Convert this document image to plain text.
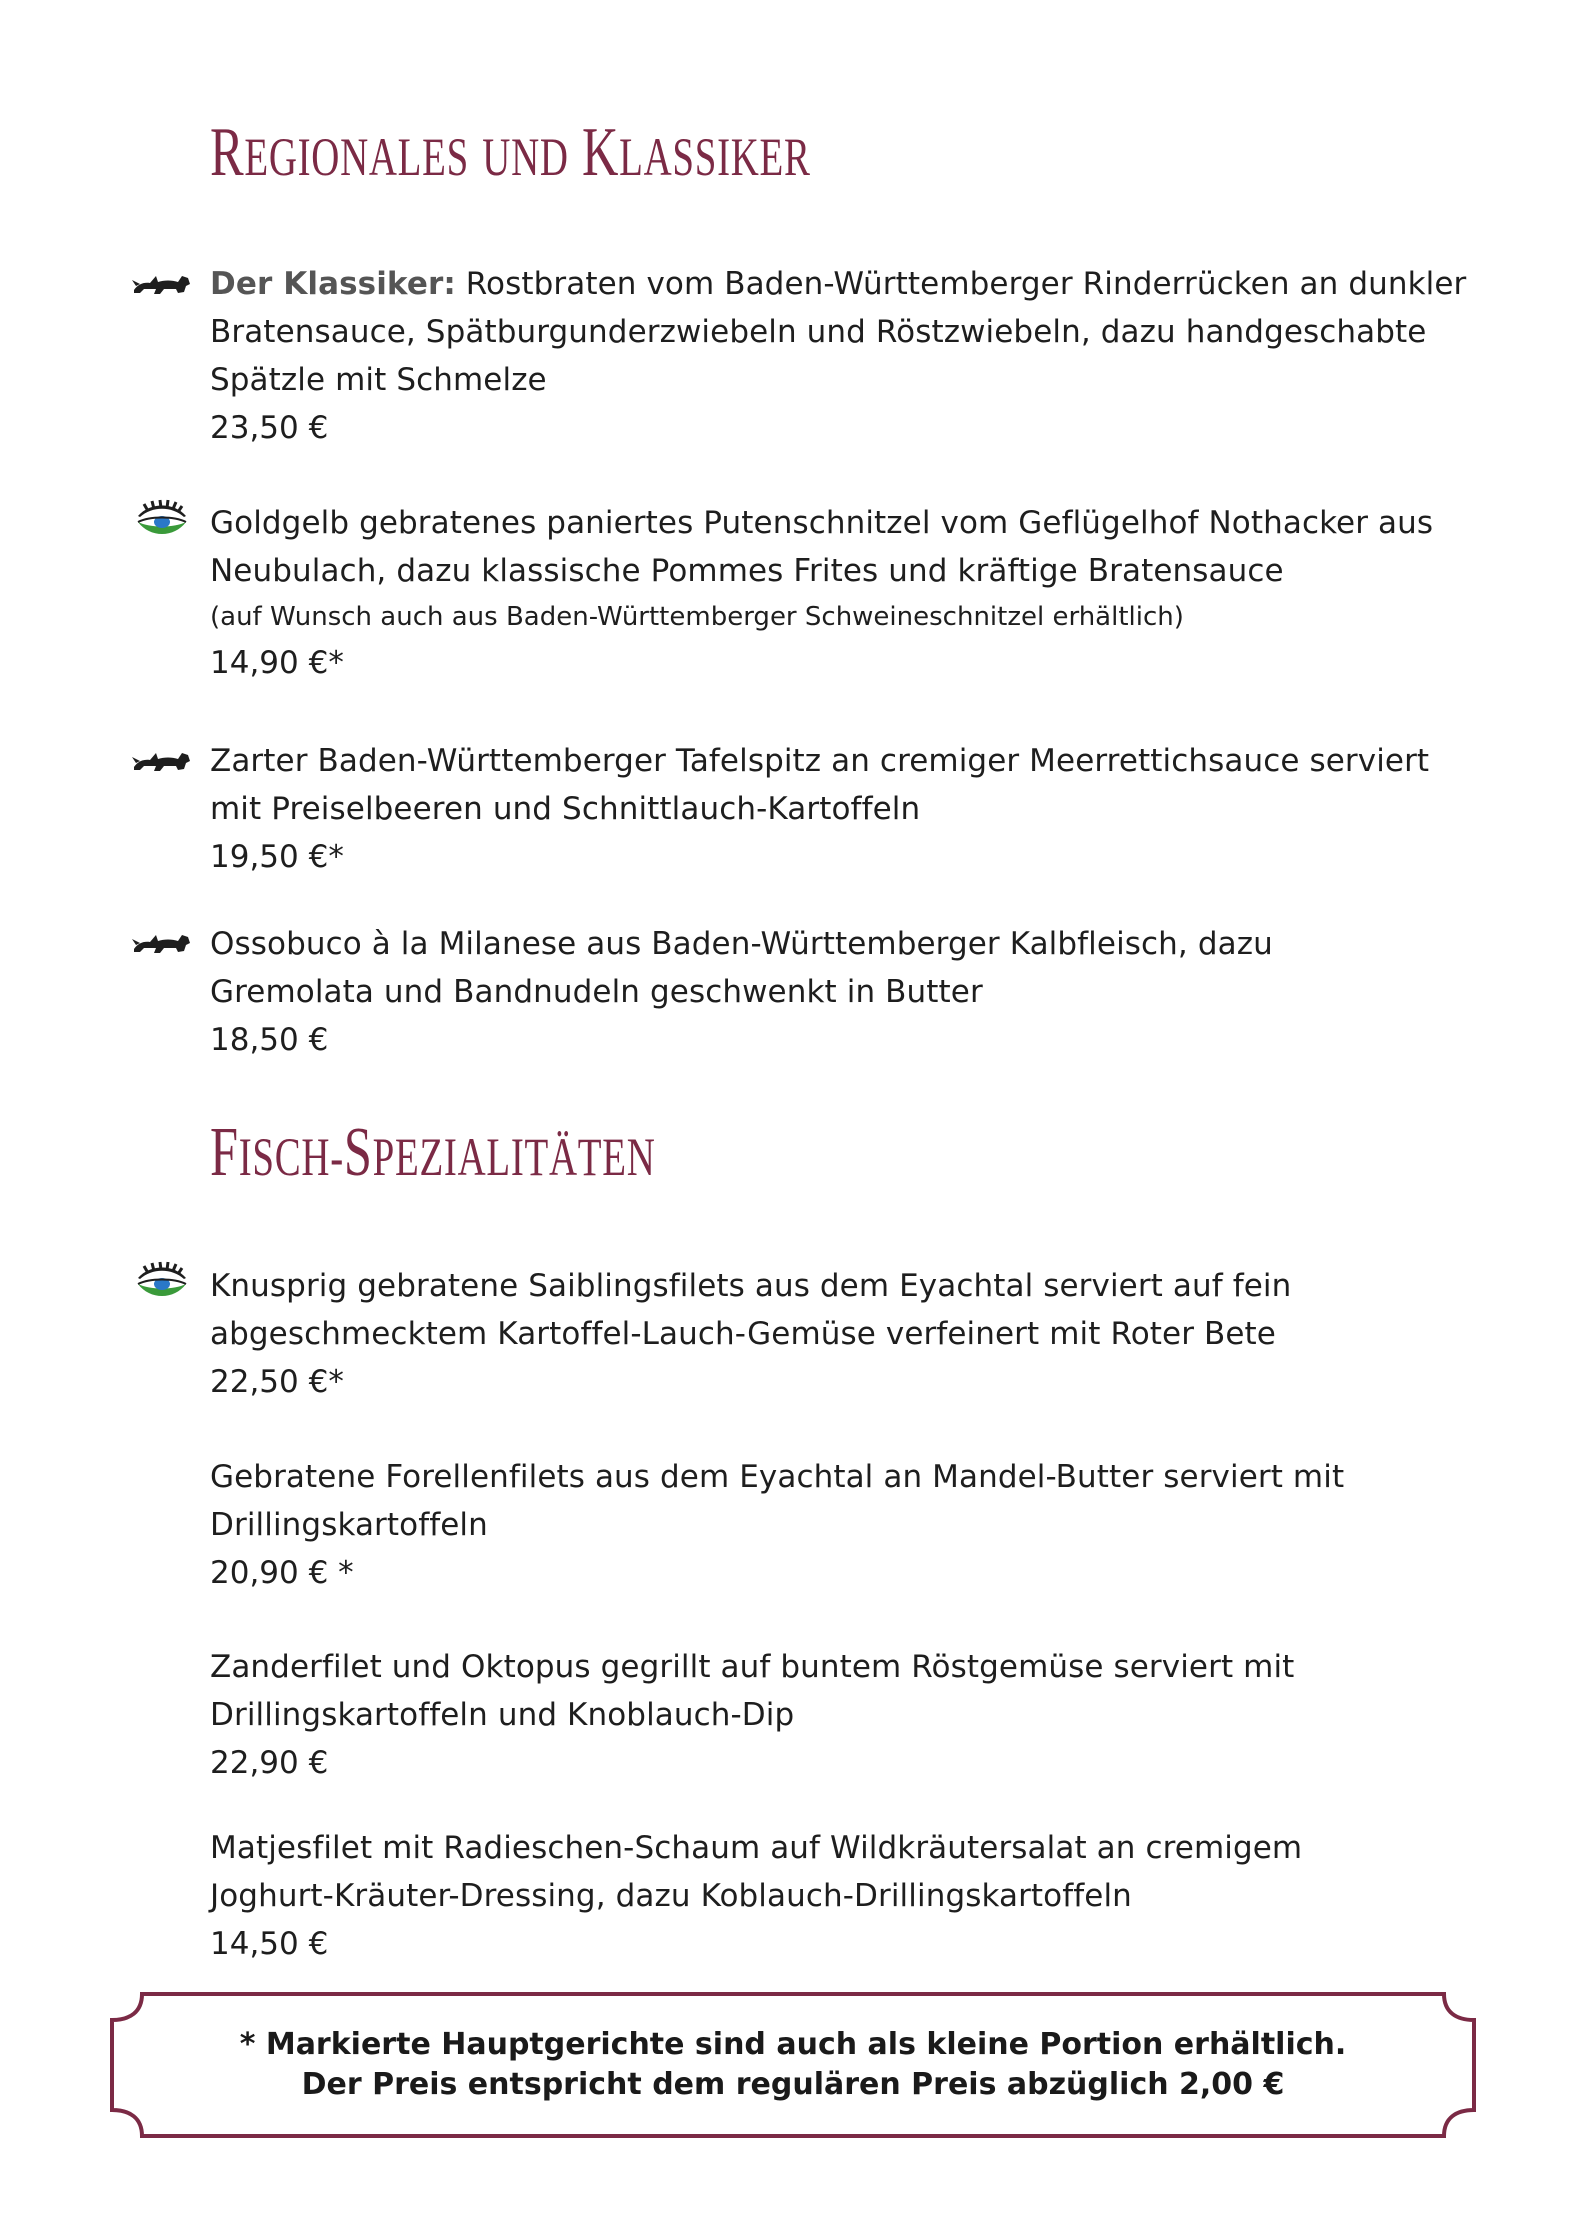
REGIONALES UND KLASSIKER
Der Klassiker: Rostbraten vom Baden-Württemberger Rinderrücken an dunkler
Bratensauce, Spätburgunderzwiebeln und Röstzwiebeln, dazu handgeschabte
Spätzle mit Schmelze
23,50 €
Goldgelb gebratenes paniertes Putenschnitzel vom Geflügelhof Nothacker aus
Neubulach, dazu klassische Pommes Frites und kräftige Bratensauce
(auf Wunsch auch aus Baden-Württemberger Schweineschnitzel erhältlich)
14,90 €*
Zarter Baden-Württemberger Tafelspitz an cremiger Meerrettichsauce serviert
mit Preiselbeeren und Schnittlauch-Kartoffeln
19,50 €*
Ossobuco à la Milanese aus Baden-Württemberger Kalbfleisch, dazu
Gremolata und Bandnudeln geschwenkt in Butter
18,50 €
FISCH-SPEZIALITÄTEN
Knusprig gebratene Saiblingsfilets aus dem Eyachtal serviert auf fein
abgeschmecktem Kartoffel-Lauch-Gemüse verfeinert mit Roter Bete
22,50 €*
Gebratene Forellenfilets aus dem Eyachtal an Mandel-Butter serviert mit
Drillingskartoffeln
20,90 € *
Zanderfilet und Oktopus gegrillt auf buntem Röstgemüse serviert mit
Drillingskartoffeln und Knoblauch-Dip
22,90 €
Matjesfilet mit Radieschen-Schaum auf Wildkräutersalat an cremigem
Joghurt-Kräuter-Dressing, dazu Koblauch-Drillingskartoffeln
14,50 €
* Markierte Hauptgerichte sind auch als kleine Portion erhältlich.
Der Preis entspricht dem regulären Preis abzüglich 2,00 €
